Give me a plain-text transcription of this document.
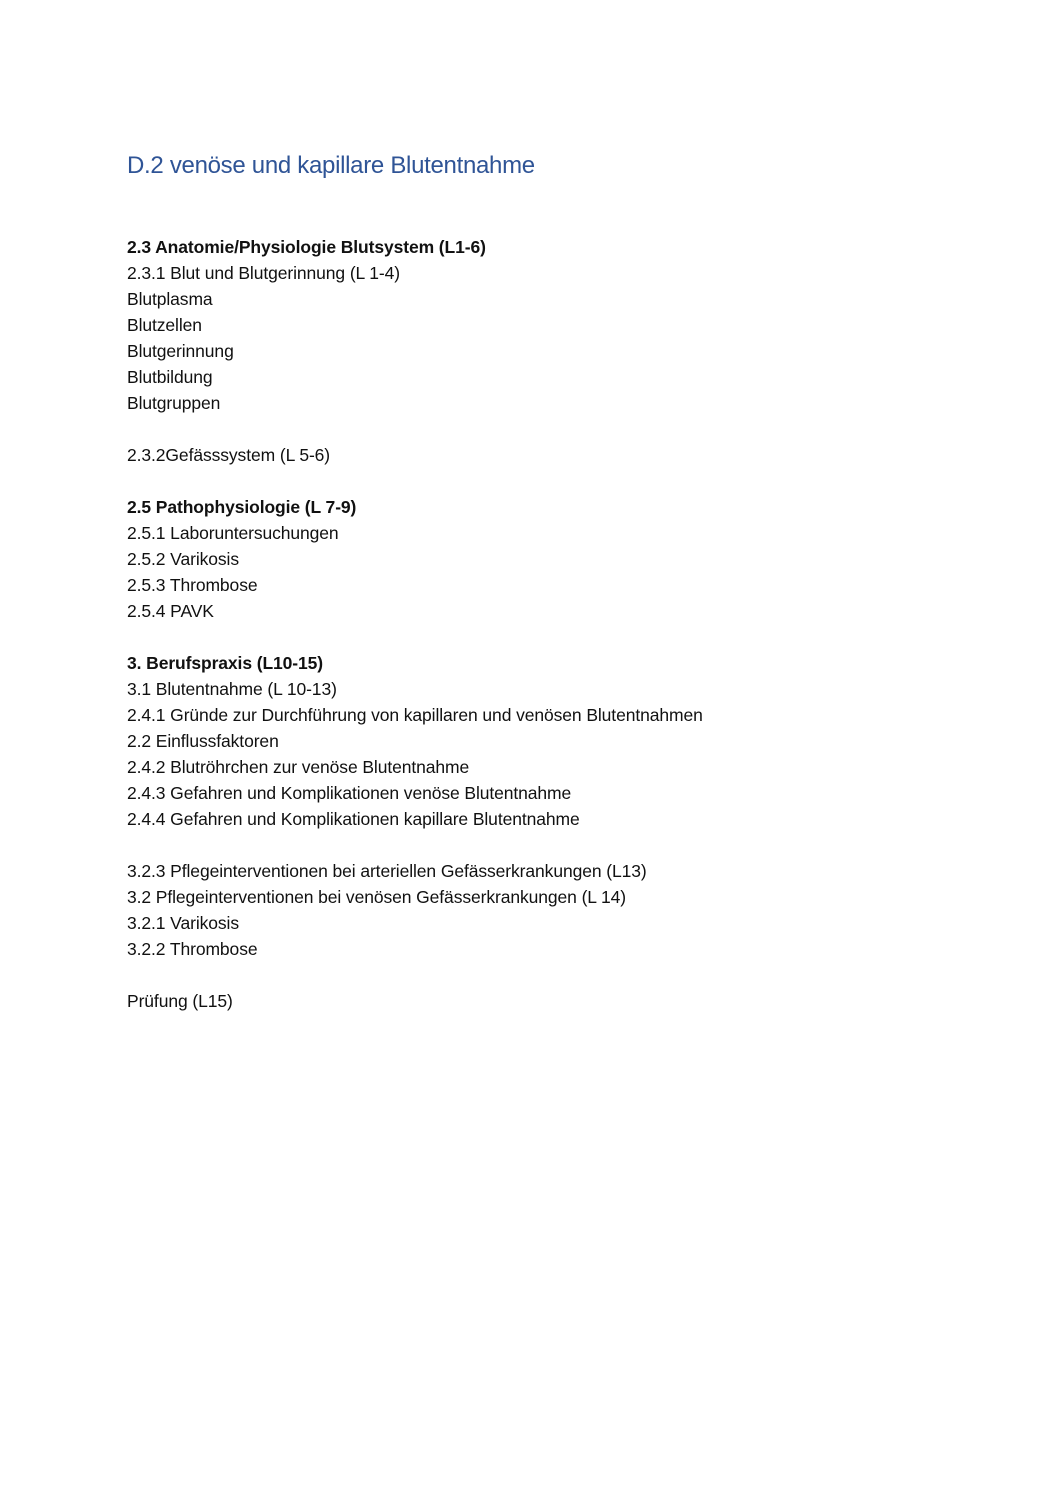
D.2 venöse und kapillare Blutentnahme
2.3 Anatomie/Physiologie Blutsystem (L1-6)
2.3.1 Blut und Blutgerinnung (L 1-4)
Blutplasma
Blutzellen
Blutgerinnung
Blutbildung
Blutgruppen
2.3.2Gefässsystem (L 5-6)
2.5 Pathophysiologie (L 7-9)
2.5.1 Laboruntersuchungen
2.5.2 Varikosis
2.5.3 Thrombose
2.5.4 PAVK
3. Berufspraxis (L10-15)
3.1 Blutentnahme (L 10-13)
2.4.1 Gründe zur Durchführung von kapillaren und venösen Blutentnahmen
2.2 Einflussfaktoren
2.4.2 Blutröhrchen zur venöse Blutentnahme
2.4.3 Gefahren und Komplikationen venöse Blutentnahme
2.4.4 Gefahren und Komplikationen kapillare Blutentnahme
3.2.3 Pflegeinterventionen bei arteriellen Gefässerkrankungen (L13)
3.2 Pflegeinterventionen bei venösen Gefässerkrankungen (L 14)
3.2.1 Varikosis
3.2.2 Thrombose
Prüfung (L15)
